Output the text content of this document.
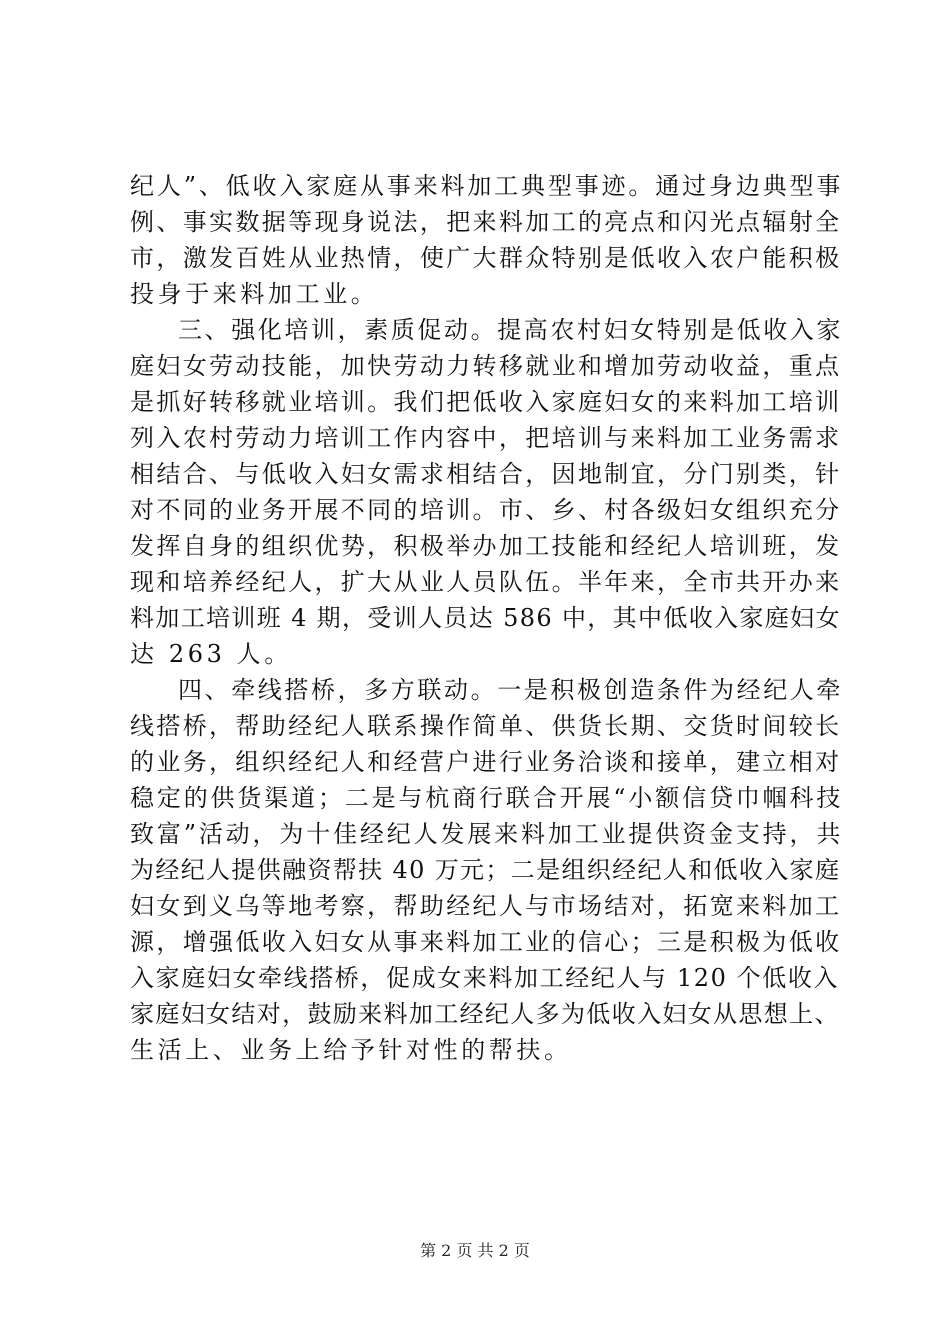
纪人”、低收入家庭从事来料加工典型事迹。通过身边典型事
例、事实数据等现身说法，把来料加工的亮点和闪光点辐射全
市，激发百姓从业热情，使广大群众特别是低收入农户能积极
投身于来料加工业。
三、强化培训，素质促动。提高农村妇女特别是低收入家
庭妇女劳动技能，加快劳动力转移就业和增加劳动收益，重点
是抓好转移就业培训。我们把低收入家庭妇女的来料加工培训
列入农村劳动力培训工作内容中，把培训与来料加工业务需求
相结合、与低收入妇女需求相结合，因地制宜，分门别类，针
对不同的业务开展不同的培训。市、乡、村各级妇女组织充分
发挥自身的组织优势，积极举办加工技能和经纪人培训班，发
现和培养经纪人，扩大从业人员队伍。半年来，全市共开办来
料加工培训班 4 期，受训人员达 586 中，其中低收入家庭妇女
达 263 人。
四、牵线搭桥，多方联动。一是积极创造条件为经纪人牵
线搭桥，帮助经纪人联系操作简单、供货长期、交货时间较长
的业务，组织经纪人和经营户进行业务洽谈和接单，建立相对
稳定的供货渠道；二是与杭商行联合开展“小额信贷巾帼科技
致富”活动，为十佳经纪人发展来料加工业提供资金支持，共
为经纪人提供融资帮扶 40 万元；二是组织经纪人和低收入家庭
妇女到义乌等地考察，帮助经纪人与市场结对，拓宽来料加工
源，增强低收入妇女从事来料加工业的信心；三是积极为低收
入家庭妇女牵线搭桥，促成女来料加工经纪人与 120 个低收入
家庭妇女结对，鼓励来料加工经纪人多为低收入妇女从思想上、
生活上、业务上给予针对性的帮扶。
第 2 页 共 2 页
